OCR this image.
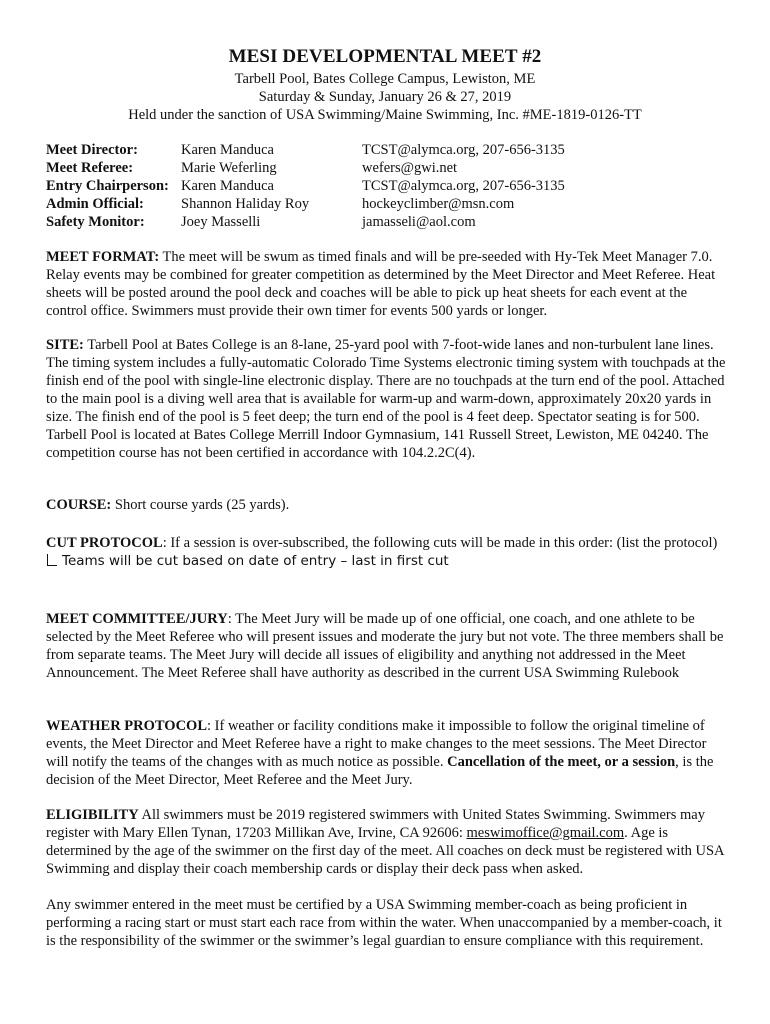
MESI DEVELOPMENTAL MEET #2
Tarbell Pool, Bates College Campus, Lewiston, ME
Saturday & Sunday, January 26 & 27, 2019
Held under the sanction of USA Swimming/Maine Swimming, Inc. #ME-1819-0126-TT
Meet Director:	Karen Manduca	TCST@alymca.org, 207-656-3135
Meet Referee:	Marie Weferling	wefers@gwi.net
Entry Chairperson: Karen Manduca	TCST@alymca.org, 207-656-3135
Admin Official:	Shannon Haliday Roy	hockeyclimber@msn.com
Safety Monitor:	Joey Masselli	jamasseli@aol.com
MEET FORMAT: The meet will be swum as timed finals and will be pre-seeded with Hy-Tek Meet Manager 7.0. Relay events may be combined for greater competition as determined by the Meet Director and Meet Referee. Heat sheets will be posted around the pool deck and coaches will be able to pick up heat sheets for each event at the control office. Swimmers must provide their own timer for events 500 yards or longer.
SITE: Tarbell Pool at Bates College is an 8-lane, 25-yard pool with 7-foot-wide lanes and non-turbulent lane lines. The timing system includes a fully-automatic Colorado Time Systems electronic timing system with touchpads at the finish end of the pool with single-line electronic display. There are no touchpads at the turn end of the pool. Attached to the main pool is a diving well area that is available for warm-up and warm-down, approximately 20x20 yards in size. The finish end of the pool is 5 feet deep; the turn end of the pool is 4 feet deep. Spectator seating is for 500. Tarbell Pool is located at Bates College Merrill Indoor Gymnasium, 141 Russell Street, Lewiston, ME 04240. The competition course has not been certified in accordance with 104.2.2C(4).
COURSE: Short course yards (25 yards).
CUT PROTOCOL: If a session is over-subscribed, the following cuts will be made in this order: (list the protocol)
Teams will be cut based on date of entry – last in first cut
MEET COMMITTEE/JURY: The Meet Jury will be made up of one official, one coach, and one athlete to be selected by the Meet Referee who will present issues and moderate the jury but not vote. The three members shall be from separate teams. The Meet Jury will decide all issues of eligibility and anything not addressed in the Meet Announcement. The Meet Referee shall have authority as described in the current USA Swimming Rulebook
WEATHER PROTOCOL: If weather or facility conditions make it impossible to follow the original timeline of events, the Meet Director and Meet Referee have a right to make changes to the meet sessions. The Meet Director will notify the teams of the changes with as much notice as possible. Cancellation of the meet, or a session, is the decision of the Meet Director, Meet Referee and the Meet Jury.
ELIGIBILITY All swimmers must be 2019 registered swimmers with United States Swimming. Swimmers may register with Mary Ellen Tynan, 17203 Millikan Ave, Irvine, CA 92606: meswimoffice@gmail.com. Age is determined by the age of the swimmer on the first day of the meet. All coaches on deck must be registered with USA Swimming and display their coach membership cards or display their deck pass when asked.
Any swimmer entered in the meet must be certified by a USA Swimming member-coach as being proficient in performing a racing start or must start each race from within the water. When unaccompanied by a member-coach, it is the responsibility of the swimmer or the swimmer’s legal guardian to ensure compliance with this requirement.
